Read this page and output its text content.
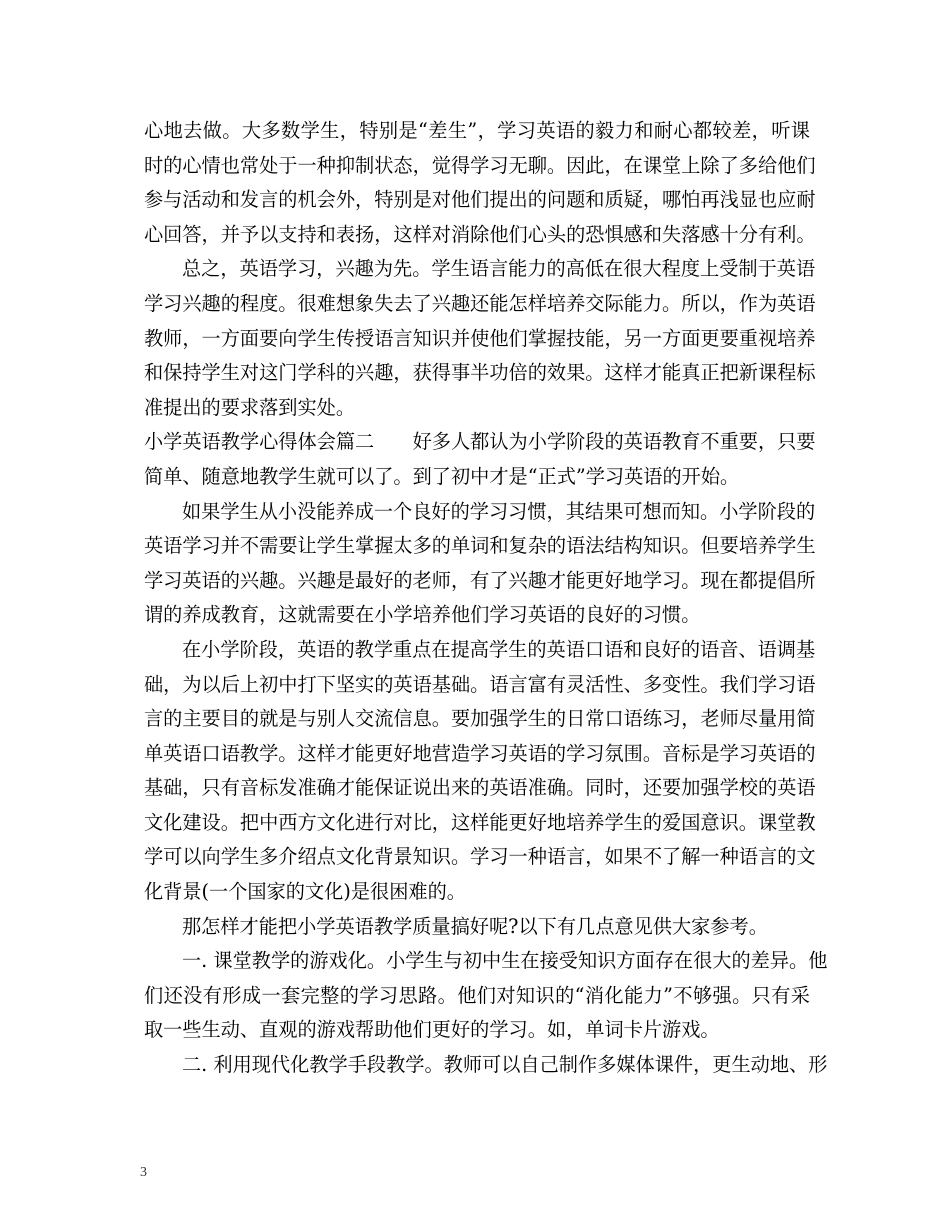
心地去做。大多数学生，特别是“差生”，学习英语的毅力和耐心都较差，听课
时的心情也常处于一种抑制状态，觉得学习无聊。因此，在课堂上除了多给他们
参与活动和发言的机会外，特别是对他们提出的问题和质疑，哪怕再浅显也应耐
心回答，并予以支持和表扬，这样对消除他们心头的恐惧感和失落感十分有利。
总之，英语学习，兴趣为先。学生语言能力的高低在很大程度上受制于英语
学习兴趣的程度。很难想象失去了兴趣还能怎样培养交际能力。所以，作为英语
教师，一方面要向学生传授语言知识并使他们掌握技能，另一方面更要重视培养
和保持学生对这门学科的兴趣，获得事半功倍的效果。这样才能真正把新课程标
准提出的要求落到实处。
小学英语教学心得体会篇二　　好多人都认为小学阶段的英语教育不重要，只要
简单、随意地教学生就可以了。到了初中才是“正式”学习英语的开始。
如果学生从小没能养成一个良好的学习习惯，其结果可想而知。小学阶段的
英语学习并不需要让学生掌握太多的单词和复杂的语法结构知识。但要培养学生
学习英语的兴趣。兴趣是最好的老师，有了兴趣才能更好地学习。现在都提倡所
谓的养成教育，这就需要在小学培养他们学习英语的良好的习惯。
在小学阶段，英语的教学重点在提高学生的英语口语和良好的语音、语调基
础，为以后上初中打下坚实的英语基础。语言富有灵活性、多变性。我们学习语
言的主要目的就是与别人交流信息。要加强学生的日常口语练习，老师尽量用简
单英语口语教学。这样才能更好地营造学习英语的学习氛围。音标是学习英语的
基础，只有音标发准确才能保证说出来的英语准确。同时，还要加强学校的英语
文化建设。把中西方文化进行对比，这样能更好地培养学生的爱国意识。课堂教
学可以向学生多介绍点文化背景知识。学习一种语言，如果不了解一种语言的文
化背景(一个国家的文化)是很困难的。
那怎样才能把小学英语教学质量搞好呢?以下有几点意见供大家参考。
一. 课堂教学的游戏化。小学生与初中生在接受知识方面存在很大的差异。他
们还没有形成一套完整的学习思路。他们对知识的“消化能力”不够强。只有采
取一些生动、直观的游戏帮助他们更好的学习。如，单词卡片游戏。
二. 利用现代化教学手段教学。教师可以自己制作多媒体课件，更生动地、形
3
